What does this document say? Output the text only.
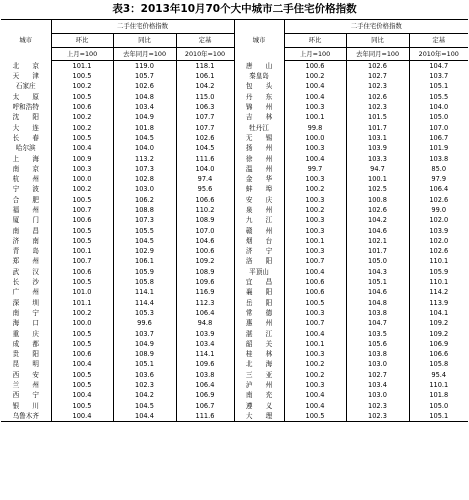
表3：2013年10月70个大中城市二手住宅价格指数
城市	二手住宅价格指数			城市	二手住宅价格指数		
	环比	同比	定基		环比	同比	定基
	上月=100	去年同月=100	2010年=100		上月=100	去年同月=100	2010年=100
北　　京	101.1	119.0	118.1	唐　　山	100.6	102.6	104.7
天　　津	100.5	105.7	106.1	秦皇岛	100.2	102.7	103.7
石家庄	100.2	102.6	104.2	包　　头	100.4	102.3	105.1
太　　原	100.5	104.8	115.0	丹　　东	100.4	102.6	105.5
呼和浩特	100.6	103.4	106.3	锦　　州	100.3	102.3	104.0
沈　　阳	100.2	104.9	107.7	吉　　林	100.1	101.5	105.0
大　　连	100.2	101.8	107.7	牡丹江	99.8	101.7	107.0
长　　春	100.5	104.5	102.6	无　　锡	100.0	103.1	106.7
哈尔滨	100.4	104.0	104.5	扬　　州	100.3	103.9	101.9
上　　海	100.9	113.2	111.6	徐　　州	100.4	103.3	103.8
南　　京	100.3	107.3	104.0	温　　州	99.7	94.7	85.0
杭　　州	100.0	102.8	97.4	金　　华	100.3	100.1	97.9
宁　　波	100.2	103.0	95.6	蚌　　埠	100.2	102.5	106.4
合　　肥	100.5	106.2	106.6	安　　庆	100.3	100.8	102.6
福　　州	100.7	108.8	110.2	泉　　州	100.2	102.6	99.0
厦　　门	100.6	107.3	108.9	九　　江	100.3	104.2	102.0
南　　昌	100.5	105.5	107.0	赣　　州	100.3	104.6	103.9
济　　南	100.5	104.5	104.6	烟　　台	100.1	102.1	102.0
青　　岛	100.1	102.9	100.6	济　　宁	100.3	101.7	102.6
郑　　州	100.7	106.1	109.2	洛　　阳	100.7	105.0	110.1
武　　汉	100.6	105.9	108.9	平顶山	100.4	104.3	105.9
长　　沙	100.5	105.8	109.6	宜　　昌	100.6	105.1	110.1
广　　州	101.0	114.1	116.9	襄　　阳	100.6	104.6	114.2
深　　圳	101.1	114.4	112.3	岳　　阳	100.5	104.8	113.9
南　　宁	100.2	105.3	106.4	常　　德	100.3	103.8	104.1
海　　口	100.0	99.6	94.8	惠　　州	100.7	104.7	109.2
重　　庆	100.5	103.7	103.9	湛　　江	100.4	103.5	109.2
成　　都	100.5	104.9	103.4	韶　　关	100.1	105.6	106.9
贵　　阳	100.6	108.9	114.1	桂　　林	100.3	103.8	106.6
昆　　明	100.4	105.1	109.6	北　　海	100.2	103.0	105.8
西　　安	100.5	103.6	103.8	三　　亚	100.2	102.7	95.4
兰　　州	100.5	102.3	106.4	泸　　州	100.3	103.4	110.1
西　　宁	100.4	104.2	106.9	南　　充	100.4	103.0	101.8
银　　川	100.5	104.5	106.7	遵　　义	100.4	102.3	105.0
乌鲁木齐	100.4	104.4	111.6	大　　理	100.5	102.3	105.1
